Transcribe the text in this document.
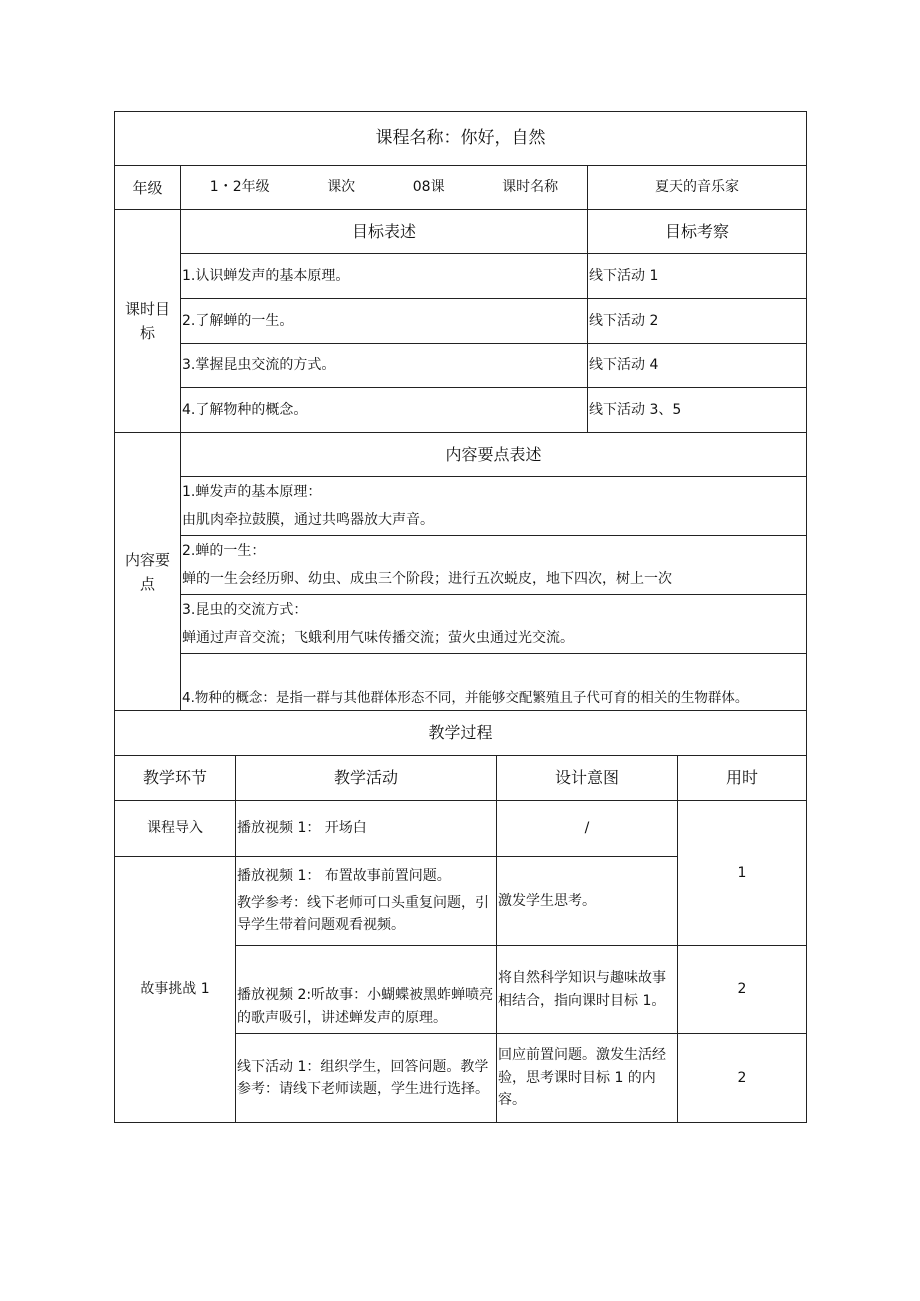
课程名称：你好，自然					
年级	1・2年级 课次 08课 课时名称			夏天的音乐家	
课时目标	目标表述			目标考察	
	1.认识蝉发声的基本原理。			线下活动 1	
	2.了解蝉的一生。			线下活动 2	
	3.掌握昆虫交流的方式。			线下活动 4	
	4.了解物种的概念。			线下活动 3、5	
内容要点	内容要点表述				

	1.蝉发声的基本原理：

由肌肉牵拉鼓膜，通过共鸣器放大声音。				

	2.蝉的一生：

蝉的一生会经历卵、幼虫、成虫三个阶段；进行五次蜕皮，地下四次，树上一次				

	3.昆虫的交流方式：

蝉通过声音交流；飞蛾利用气味传播交流；萤火虫通过光交流。				

	4.物种的概念：是指一群与其他群体形态不同，并能够交配繁殖且子代可育的相关的生物群体。				

教学过程					
教学环节		教学活动	设计意图		用时
课程导入		播放视频 1： 开场白	/		1
故事挑战 1		播放视频 1： 布置故事前置问题。

教学参考：线下老师可口头重复问题，引导学生带着问题观看视频。	激发学生思考。		

		播放视频 2:听故事：小蝴蝶被黑蚱蝉喷亮的歌声吸引，讲述蝉发声的原理。	将自然科学知识与趣味故事相结合，指向课时目标 1。		2

		线下活动 1：组织学生，回答问题。教学参考：请线下老师读题，学生进行选择。	回应前置问题。激发生活经验，思考课时目标 1 的内容。		2
